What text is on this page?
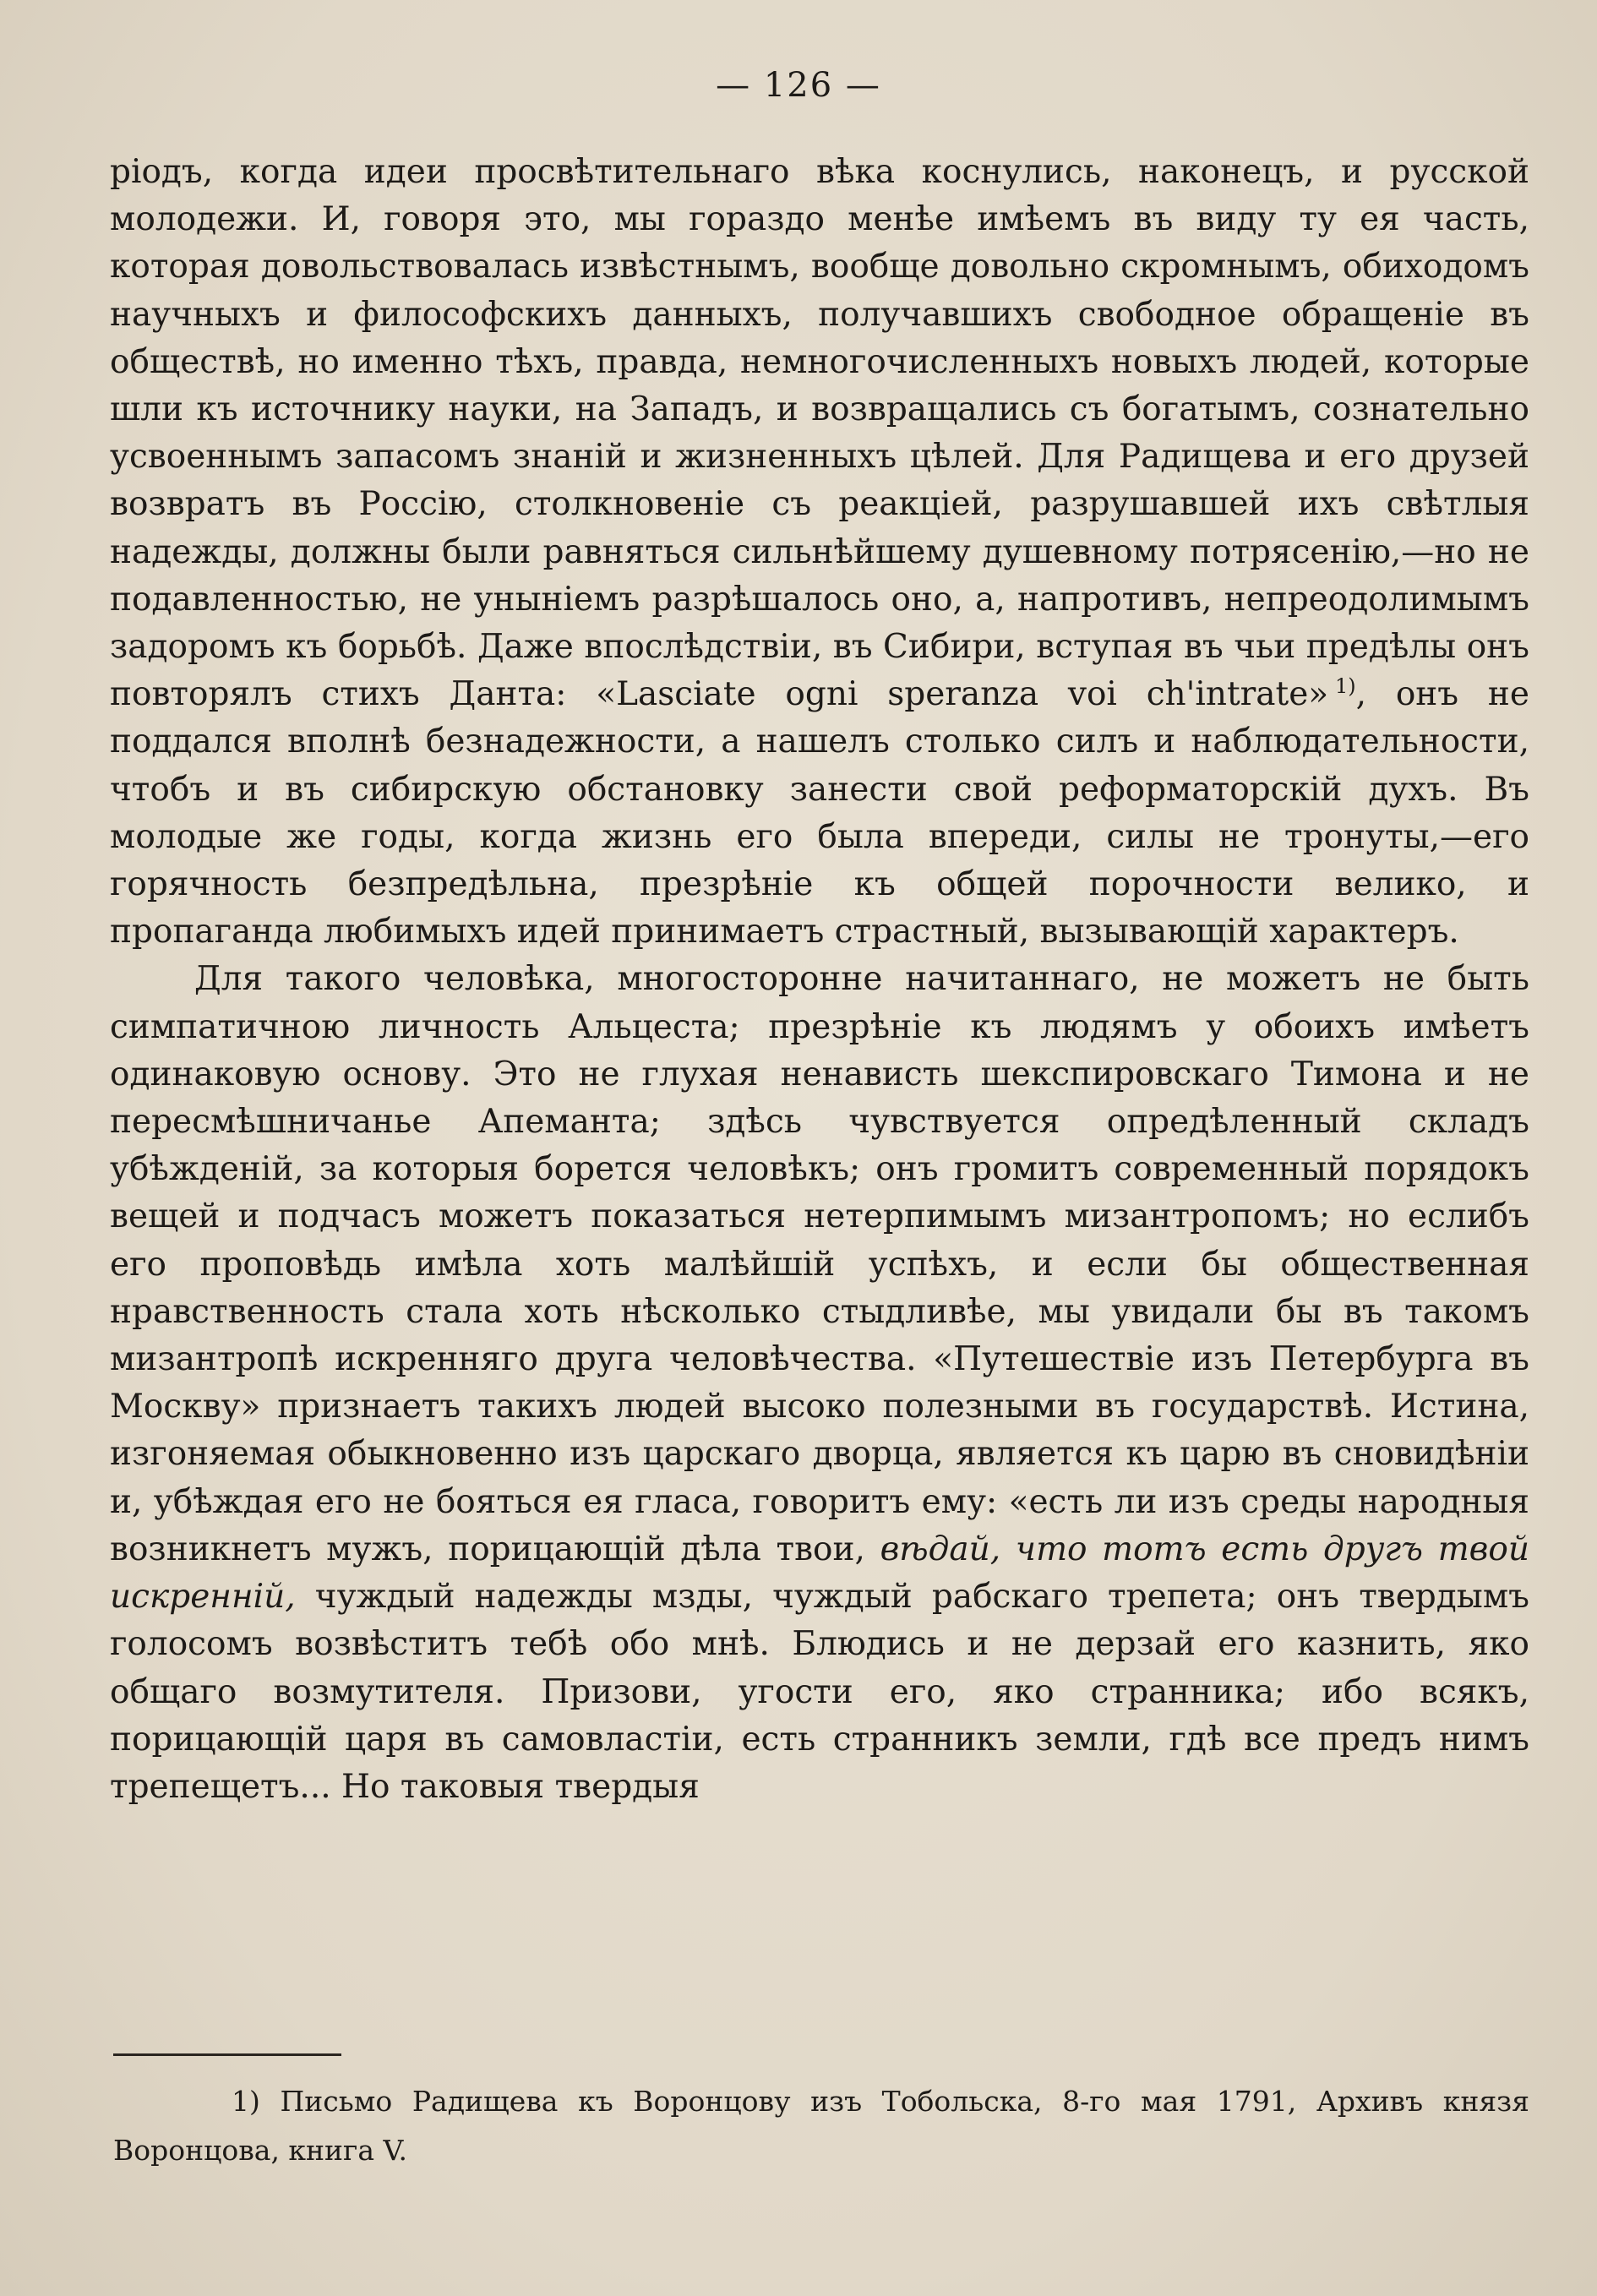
— 126 —

ріодъ, когда идеи просвѣтительнаго вѣка коснулись, наконецъ, и русской молодежи. И, говоря это, мы гораздо менѣе имѣемъ въ виду ту ея часть, которая довольствовалась извѣстнымъ, вообще довольно скромнымъ, обиходомъ научныхъ и философскихъ данныхъ, получавшихъ свободное обращеніе въ обществѣ, но именно тѣхъ, правда, немногочисленныхъ новыхъ людей, которые шли къ источнику науки, на Западъ, и возвращались съ богатымъ, сознательно усвоеннымъ запасомъ знаній и жизненныхъ цѣлей. Для Радищева и его друзей возвратъ въ Россію, столкновеніе съ реакціей, разрушавшей ихъ свѣтлыя надежды, должны были равняться сильнѣйшему душевному потрясенію,—но не подавленностью, не уныніемъ разрѣшалось оно, а, напротивъ, непреодолимымъ задоромъ къ борьбѣ. Даже впослѣдствіи, въ Сибири, вступая въ чьи предѣлы онъ повторялъ стихъ Данта: «Lasciate ogni speranza voi ch'intrate»  $^{1)}$, онъ не поддался вполнѣ безнадежности, а нашелъ столько силъ и наблюдательности, чтобъ и въ сибирскую обстановку занести свой реформаторскій духъ. Въ молодые же годы, когда жизнь его была впереди, силы не тронуты,—его горячность безпредѣльна, презрѣніе къ общей порочности велико, и пропаганда любимыхъ идей принимаетъ страстный, вызывающій характеръ.

Для такого человѣка, многосторонне начитаннаго, не можетъ не быть симпатичною личность Альцеста; презрѣніе къ людямъ у обоихъ имѣетъ одинаковую основу. Это не глухая ненависть шекспировскаго Тимона и не пересмѣшничанье Апеманта; здѣсь чувствуется опредѣленный складъ убѣжденій, за которыя борется человѣкъ; онъ громитъ современный порядокъ вещей и подчасъ можетъ показаться нетерпимымъ мизантропомъ; но еслибъ его проповѣдь имѣла хоть малѣйшій успѣхъ, и если бы общественная нравственность стала хоть нѣсколько стыдливѣе, мы увидали бы въ такомъ мизантропѣ искренняго друга человѣчества. «Путешествіе изъ Петербурга въ Москву» признаетъ такихъ людей высоко полезными въ государствѣ. Истина, изгоняемая обыкновенно изъ царскаго дворца, является къ царю въ сновидѣніи и, убѣждая его не бояться ея гласа, говоритъ ему: «есть ли изъ среды народныя возникнетъ мужъ, порицающій дѣла твои, вѣдай, что тотъ есть другъ твой искренній, чуждый надежды мзды, чуждый рабскаго трепета; онъ твердымъ голосомъ возвѣститъ тебѣ обо мнѣ. Блюдись и не дерзай его казнить, яко общаго возмутителя. Призови, угости его, яко странника; ибо всякъ, порицающій царя въ самовластіи, есть странникъ земли, гдѣ все предъ нимъ трепещетъ... Но таковыя твердыя

1) Письмо Радищева къ Воронцову изъ Тобольска, 8-го мая 1791, Архивъ князя Воронцова, книга V.
